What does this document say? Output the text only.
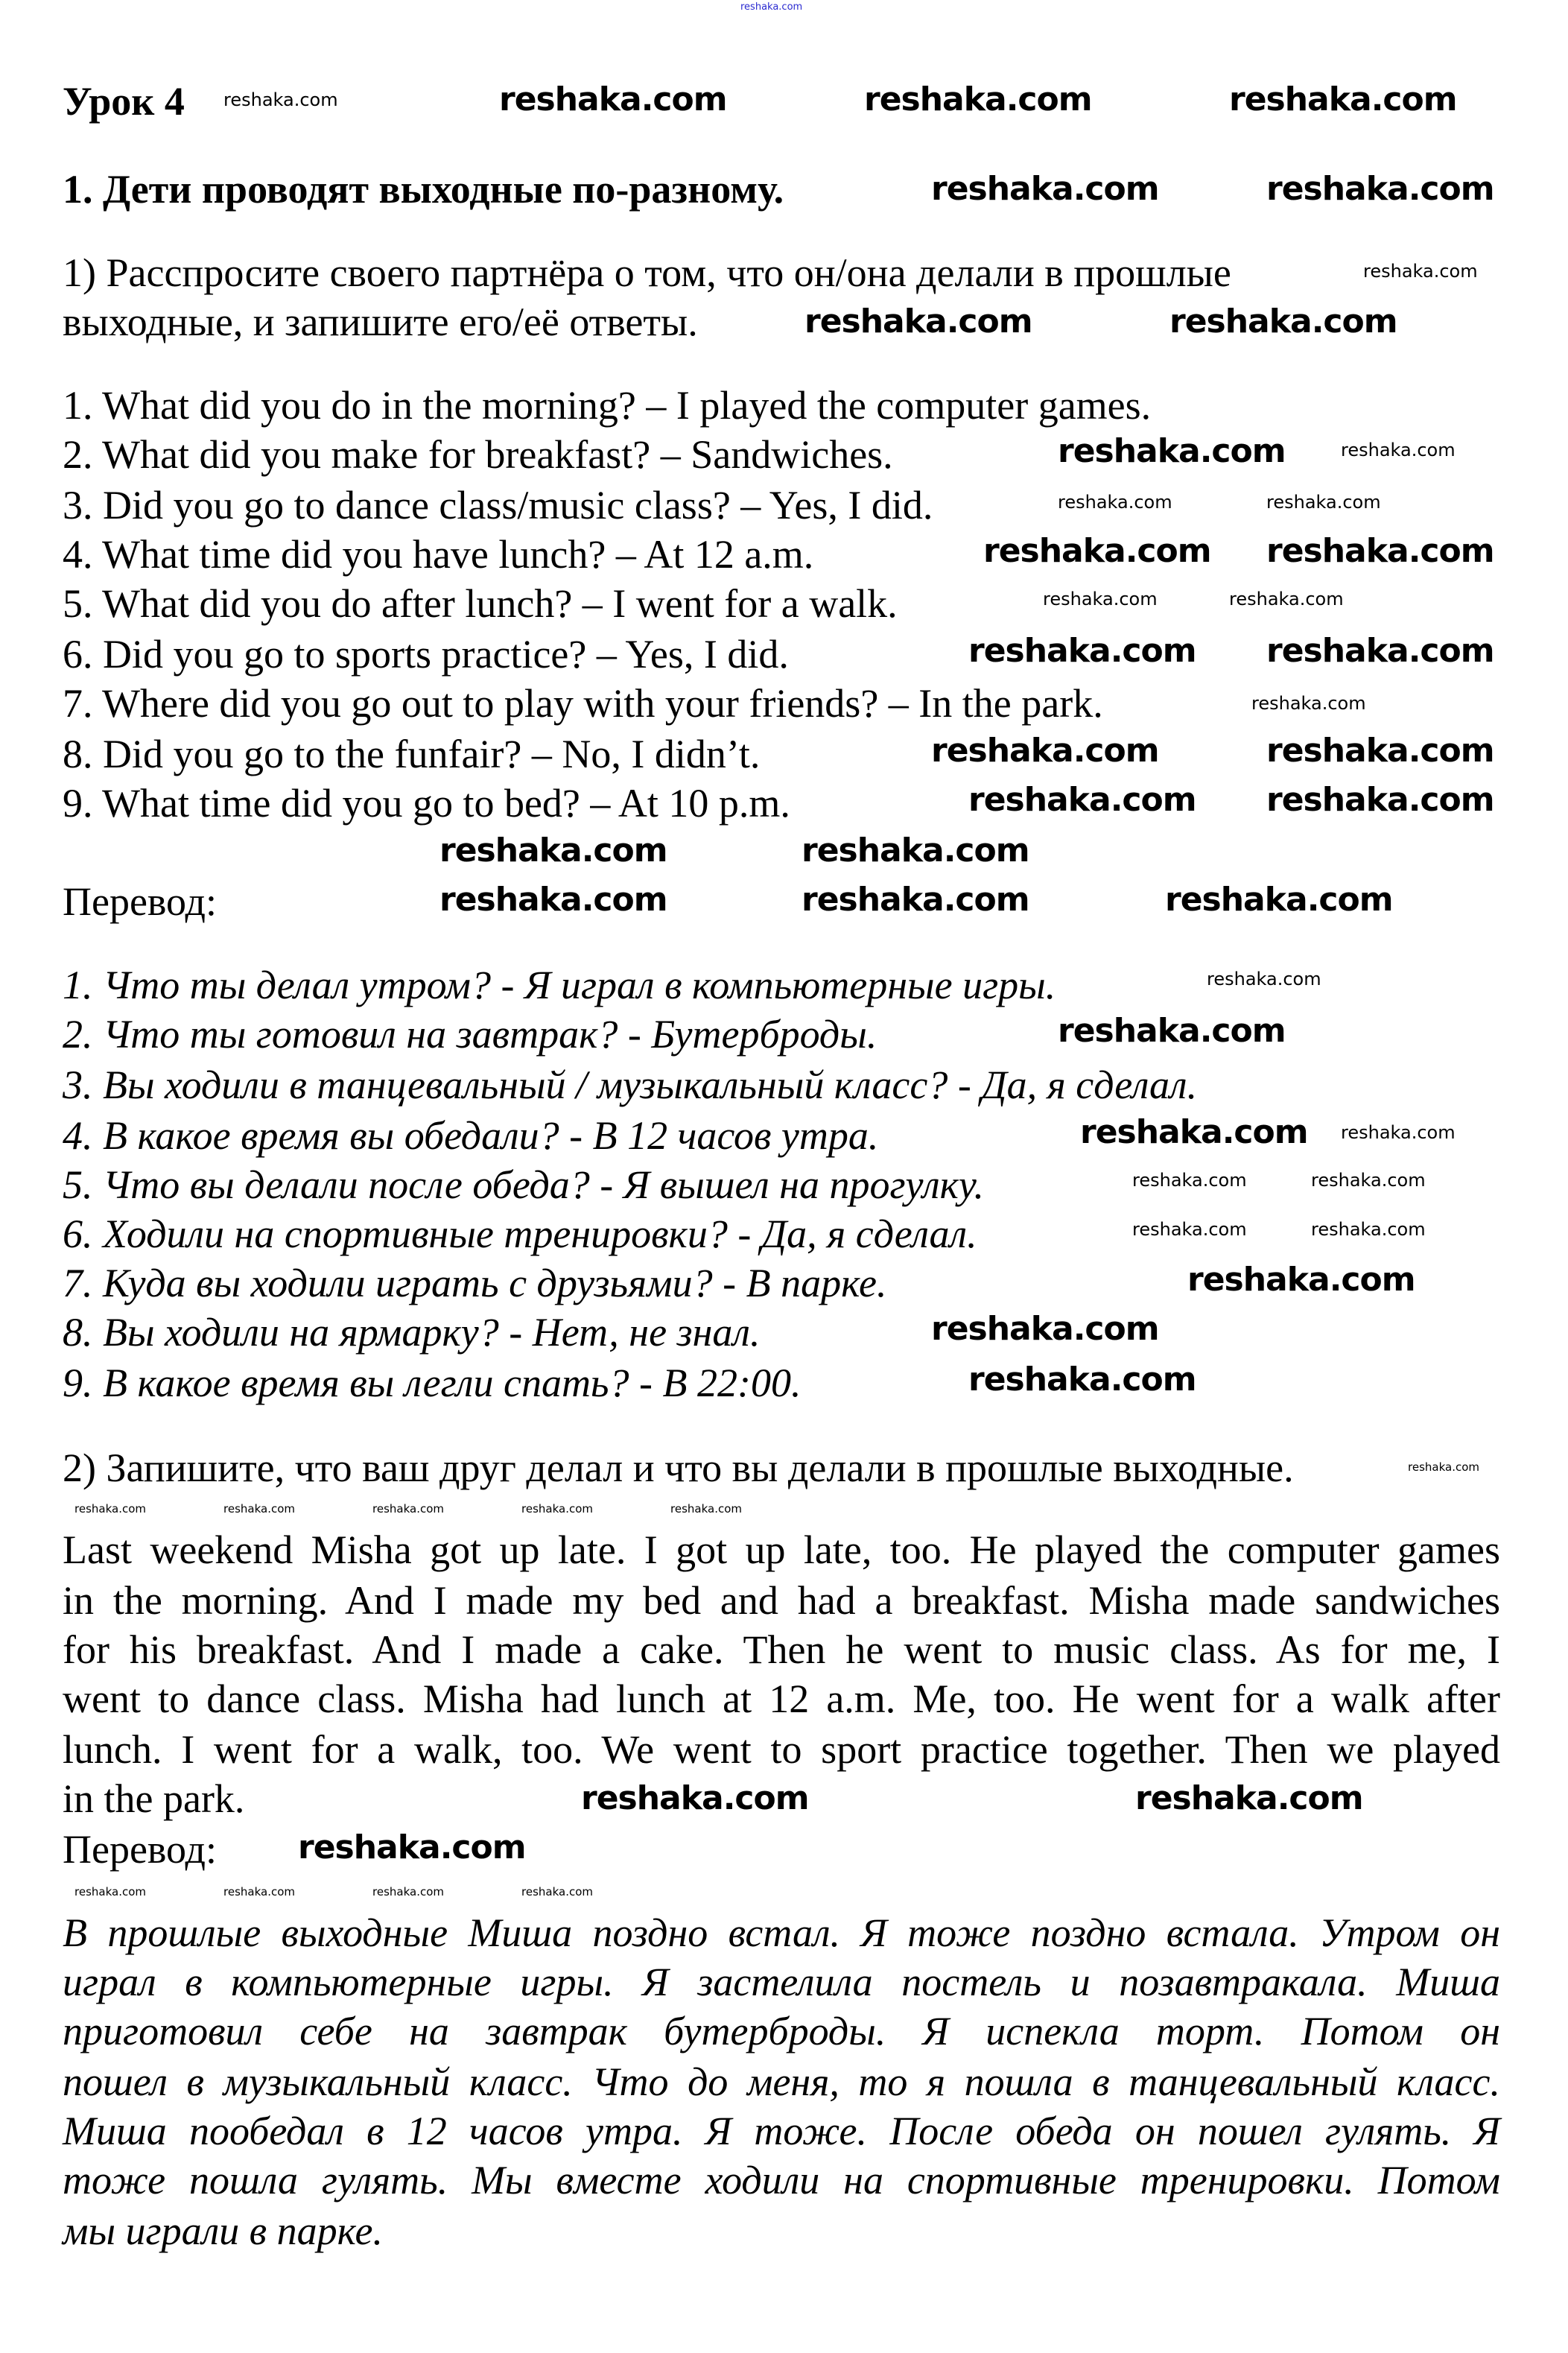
reshaka.com
Урок 4
1. Дети проводят выходные по-разному.
1) Расспросите своего партнёра о том, что он/она делали в прошлые
выходные, и запишите его/её ответы.
1. What did you do in the morning? – I played the computer games.
2. What did you make for breakfast? – Sandwiches.
3. Did you go to dance class/music class? – Yes, I did.
4. What time did you have lunch? – At 12 a.m.
5. What did you do after lunch? – I went for a walk.
6. Did you go to sports practice? – Yes, I did.
7. Where did you go out to play with your friends? – In the park.
8. Did you go to the funfair? – No, I didn’t.
9. What time did you go to bed? – At 10 p.m.
Перевод:
1. Что ты делал утром? - Я играл в компьютерные игры.
2. Что ты готовил на завтрак? - Бутерброды.
3. Вы ходили в танцевальный / музыкальный класс? - Да, я сделал.
4. В какое время вы обедали? - В 12 часов утра.
5. Что вы делали после обеда? - Я вышел на прогулку.
6. Ходили на спортивные тренировки? - Да, я сделал.
7. Куда вы ходили играть с друзьями? - В парке.
8. Вы ходили на ярмарку? - Нет, не знал.
9. В какое время вы легли спать? - В 22:00.
2) Запишите, что ваш друг делал и что вы делали в прошлые выходные.
Last weekend Misha got up late. I got up late, too. He played the computer games
in the morning. And I made my bed and had a breakfast. Misha made sandwiches
for his breakfast. And I made a cake. Then he went to music class. As for me, I
went to dance class. Misha had lunch at 12 a.m. Me, too. He went for a walk after
lunch. I went for a walk, too. We went to sport practice together. Then we played
in the park.
Перевод:
В прошлые выходные Миша поздно встал. Я тоже поздно встала. Утром он
играл в компьютерные игры. Я застелила постель и позавтракала. Миша
приготовил себе на завтрак бутерброды. Я испекла торт. Потом он
пошел в музыкальный класс. Что до меня, то я пошла в танцевальный класс.
Миша пообедал в 12 часов утра. Я тоже. После обеда он пошел гулять. Я
тоже пошла гулять. Мы вместе ходили на спортивные тренировки. Потом
мы играли в парке.
reshaka.com	reshaka.com	reshaka.com
reshaka.com	reshaka.com
reshaka.com	reshaka.com
reshaka.com
reshaka.com reshaka.com
reshaka.com reshaka.com
reshaka.com	reshaka.com
reshaka.com reshaka.com
reshaka.com	reshaka.com
reshaka.com	reshaka.com	reshaka.com
reshaka.com
reshaka.com
reshaka.com
reshaka.com
reshaka.com
reshaka.com	reshaka.com
reshaka.com
reshaka.com
reshaka.com
reshaka.com
reshaka.com	reshaka.com
reshaka.com	reshaka.com
reshaka.com
reshaka.com
reshaka.com
reshaka.com	reshaka.com
reshaka.com	reshaka.com
reshaka.com
reshaka.com	reshaka.com	reshaka.com	reshaka.com	reshaka.com
reshaka.com	reshaka.com	reshaka.com	reshaka.com
